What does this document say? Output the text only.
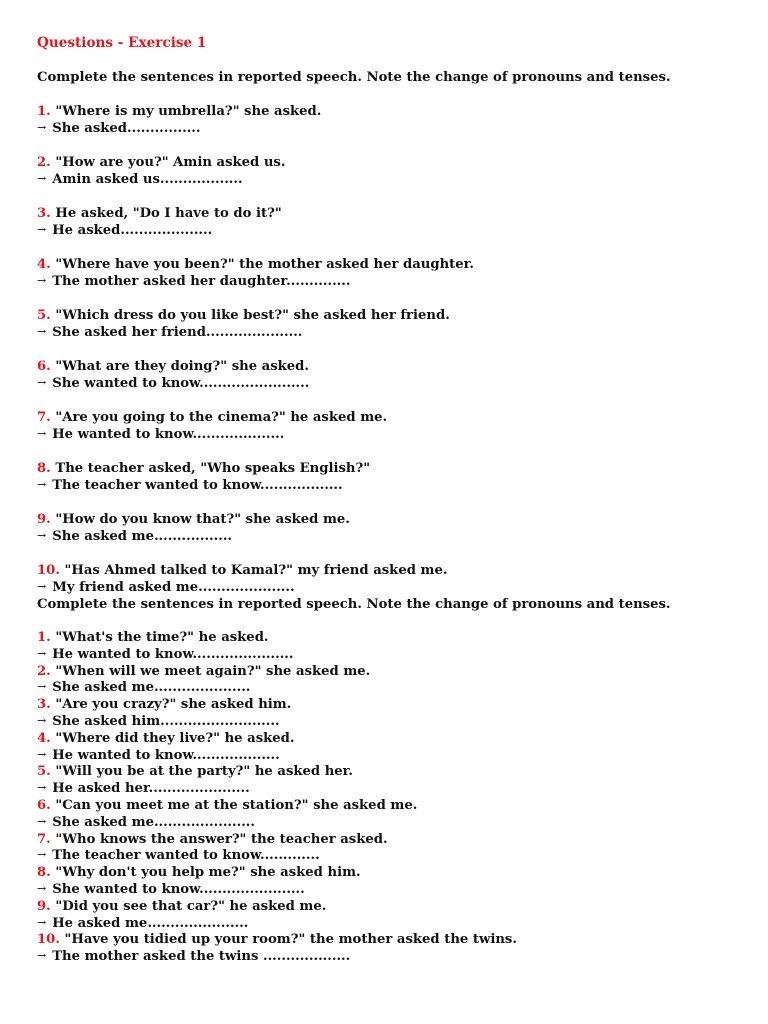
Questions - Exercise 1

Complete the sentences in reported speech. Note the change of pronouns and tenses.

1. "Where is my umbrella?" she asked.

→ She asked................

2. "How are you?" Amin asked us.

→ Amin asked us..................

3. He asked, "Do I have to do it?"

→ He asked....................

4. "Where have you been?" the mother asked her daughter.

→ The mother asked her daughter..............

5. "Which dress do you like best?" she asked her friend.

→ She asked her friend.....................

6. "What are they doing?" she asked.

→ She wanted to know........................

7. "Are you going to the cinema?" he asked me.

→ He wanted to know....................

8. The teacher asked, "Who speaks English?"

→ The teacher wanted to know..................

9. "How do you know that?" she asked me.

→ She asked me.................

10. "Has Ahmed talked to Kamal?" my friend asked me.

→ My friend asked me.....................

Complete the sentences in reported speech. Note the change of pronouns and tenses.

1. "What's the time?" he asked.

→ He wanted to know......................

2. "When will we meet again?" she asked me.

→ She asked me.....................

3. "Are you crazy?" she asked him.

→ She asked him..........................

4. "Where did they live?" he asked.

→ He wanted to know...................

5. "Will you be at the party?" he asked her.

→ He asked her......................

6. "Can you meet me at the station?" she asked me.

→ She asked me......................

7. "Who knows the answer?" the teacher asked.

→ The teacher wanted to know.............

8. "Why don't you help me?" she asked him.

→ She wanted to know.......................

9. "Did you see that car?" he asked me.

→ He asked me......................

10. "Have you tidied up your room?" the mother asked the twins.

→ The mother asked the twins ...................
